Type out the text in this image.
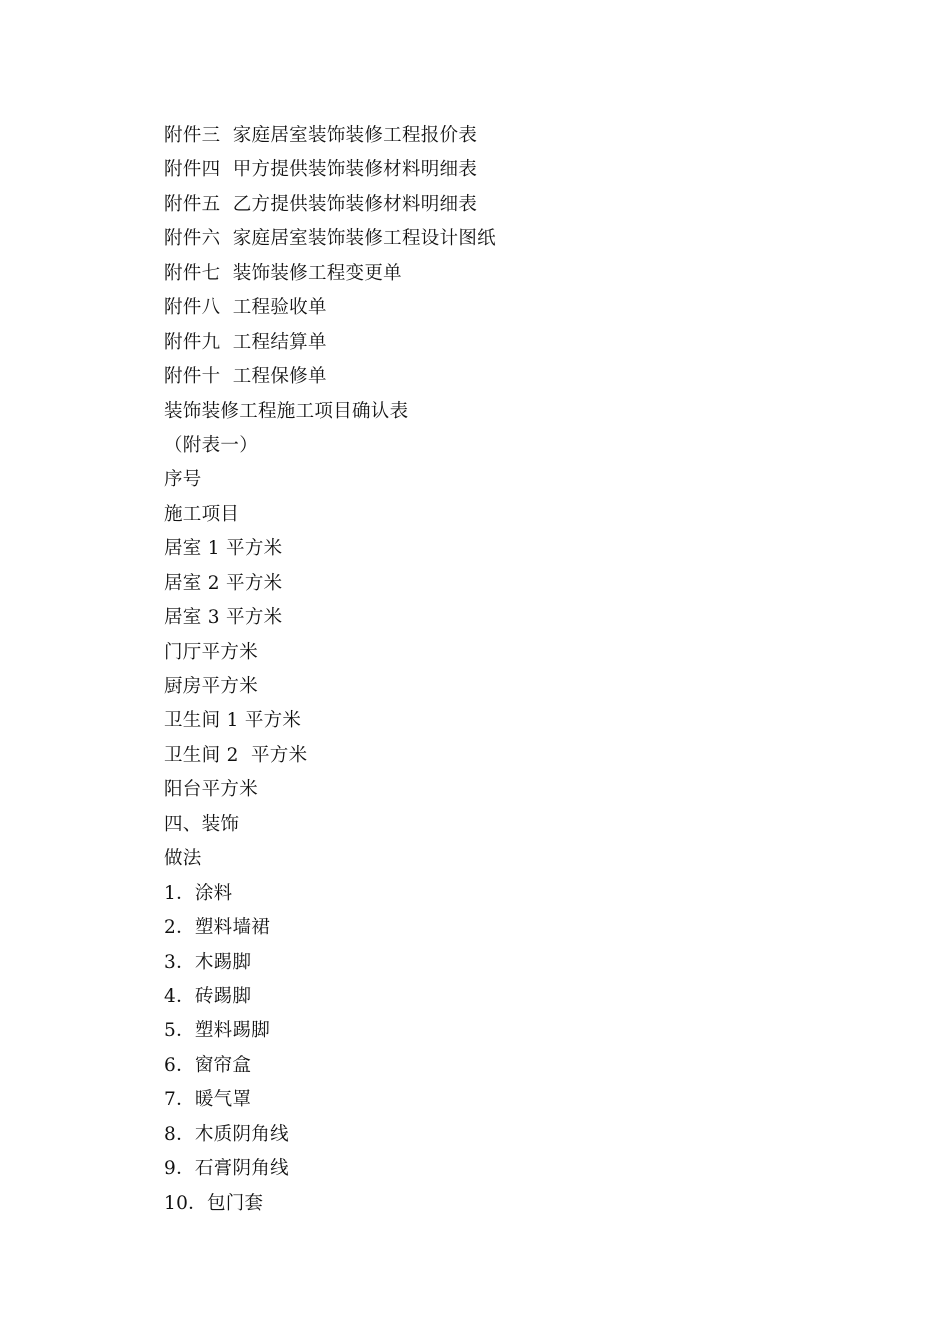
附件三  家庭居室装饰装修工程报价表
附件四  甲方提供装饰装修材料明细表
附件五  乙方提供装饰装修材料明细表
附件六  家庭居室装饰装修工程设计图纸
附件七  装饰装修工程变更单
附件八  工程验收单
附件九  工程结算单
附件十  工程保修单
装饰装修工程施工项目确认表
（附表一）
序号
施工项目
居室 1 平方米
居室 2 平方米
居室 3 平方米
门厅平方米
厨房平方米
卫生间 1 平方米
卫生间 2  平方米
阳台平方米
四、装饰
做法
1．涂料
2．塑料墙裙
3．木踢脚
4．砖踢脚
5．塑料踢脚
6．窗帘盒
7．暖气罩
8．木质阴角线
9．石膏阴角线
10．包门套
